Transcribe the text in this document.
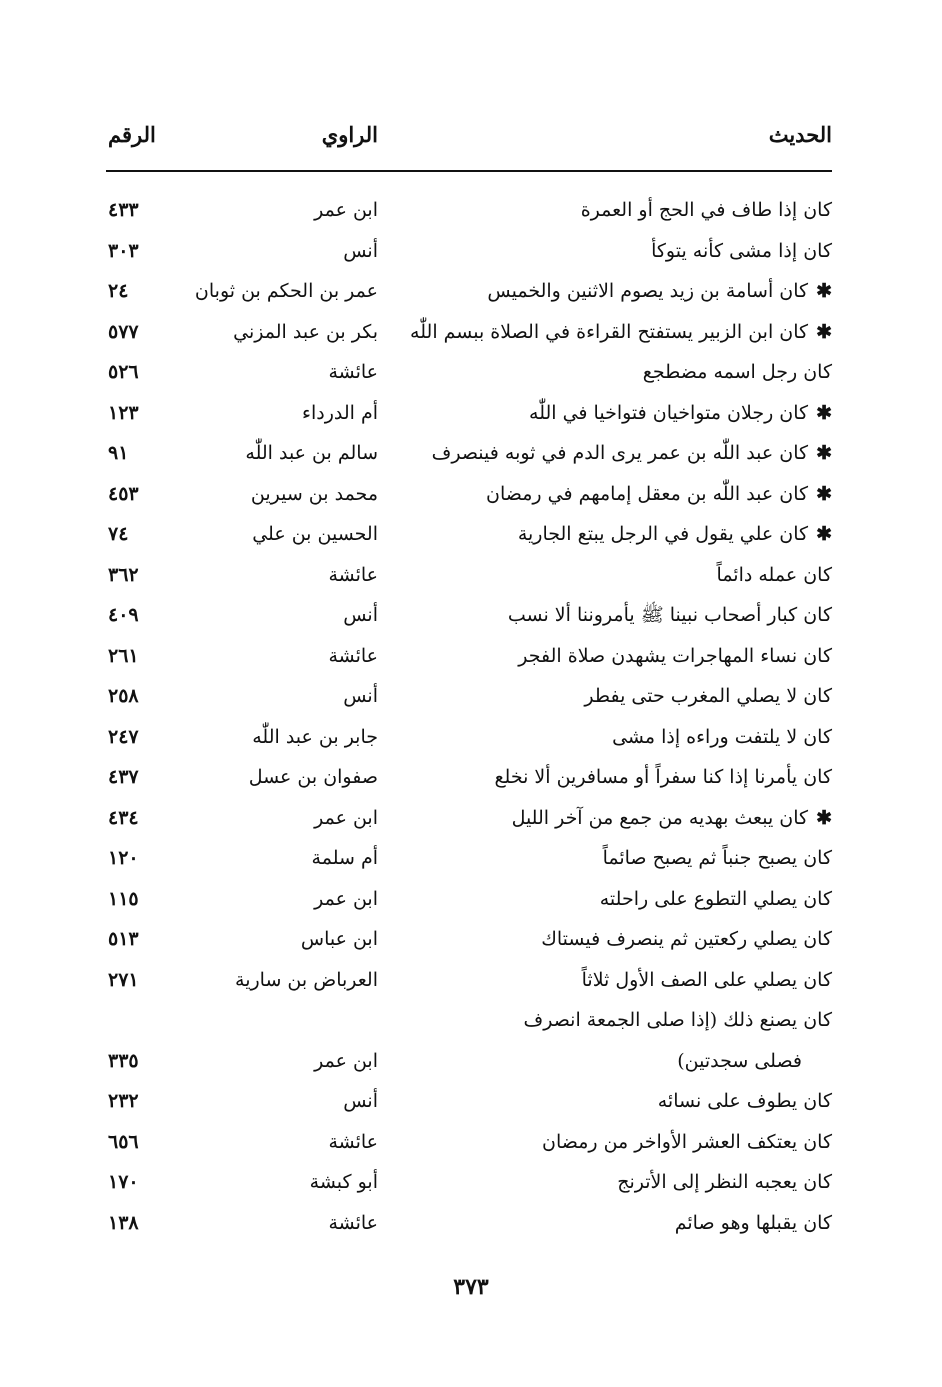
الحديث
الراوي
الرقم
كان إذا طاف في الحج أو العمرة
ابن عمر
٤٣٣
كان إذا مشى كأنه يتوكأ
أنس
٣٠٣
✱كان أسامة بن زيد يصوم الاثنين والخميس
عمر بن الحكم بن ثوبان
٢٤
✱كان ابن الزبير يستفتح القراءة في الصلاة ببسم اللّٰه
بكر بن عبد المزني
٥٧٧
كان رجل اسمه مضطجع
عائشة
٥٢٦
✱كان رجلان متواخيان فتواخيا في اللّٰه
أم الدرداء
١٢٣
✱كان عبد اللّٰه بن عمر يرى الدم في ثوبه فينصرف
سالم بن عبد اللّٰه
٩١
✱كان عبد اللّٰه بن معقل إمامهم في رمضان
محمد بن سيرين
٤٥٣
✱كان علي يقول في الرجل يبتع الجارية
الحسين بن علي
٧٤
كان عمله دائماً
عائشة
٣٦٢
كان كبار أصحاب نبينا ﷺ يأمروننا ألا نسب
أنس
٤٠٩
كان نساء المهاجرات يشهدن صلاة الفجر
عائشة
٢٦١
كان لا يصلي المغرب حتى يفطر
أنس
٢٥٨
كان لا يلتفت وراءه إذا مشى
جابر بن عبد اللّٰه
٢٤٧
كان يأمرنا إذا كنا سفراً أو مسافرين ألا نخلع
صفوان بن عسل
٤٣٧
✱كان يبعث بهديه من جمع من آخر الليل
ابن عمر
٤٣٤
كان يصبح جنباً ثم يصبح صائماً
أم سلمة
١٢٠
كان يصلي التطوع على راحلته
ابن عمر
١١٥
كان يصلي ركعتين ثم ينصرف فيستاك
ابن عباس
٥١٣
كان يصلي على الصف الأول ثلاثاً
العرباض بن سارية
٢٧١
كان يصنع ذلك (إذا صلى الجمعة انصرف
فصلى سجدتين)
ابن عمر
٣٣٥
كان يطوف على نسائه
أنس
٢٣٢
كان يعتكف العشر الأواخر من رمضان
عائشة
٦٥٦
كان يعجبه النظر إلى الأترنج
أبو كبشة
١٧٠
كان يقبلها وهو صائم
عائشة
١٣٨
٣٧٣
